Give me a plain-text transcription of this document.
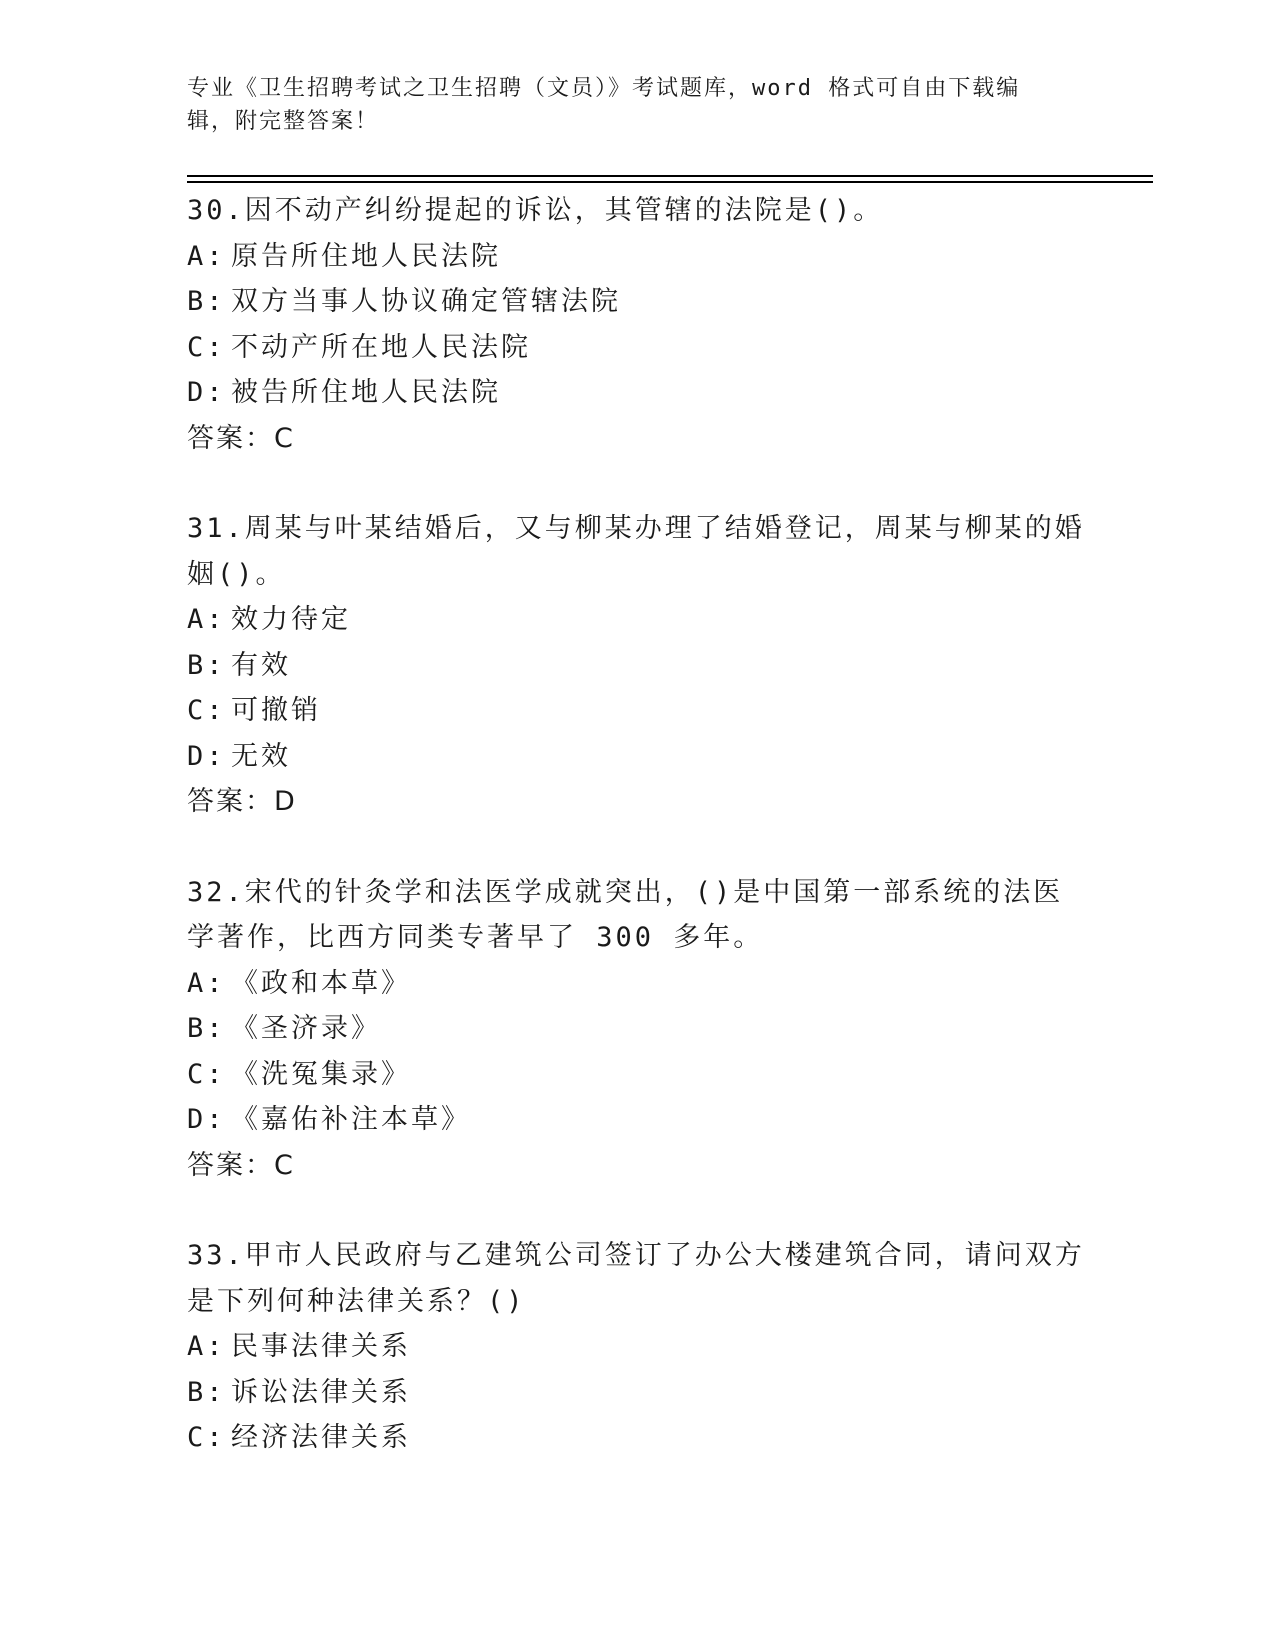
专业《卫生招聘考试之卫生招聘（文员）》考试题库，word 格式可自由下载编辑，附完整答案！

30.因不动产纠纷提起的诉讼，其管辖的法院是()。

A: 原告所住地人民法院

B: 双方当事人协议确定管辖法院

C: 不动产所在地人民法院

D: 被告所住地人民法院

答案：C

31.周某与叶某结婚后，又与柳某办理了结婚登记，周某与柳某的婚姻()。

A: 效力待定

B: 有效

C: 可撤销

D: 无效

答案：D

32.宋代的针灸学和法医学成就突出，()是中国第一部系统的法医学著作，比西方同类专著早了 300 多年。

A: 《政和本草》

B: 《圣济录》

C: 《洗冤集录》

D: 《嘉佑补注本草》

答案：C

33.甲市人民政府与乙建筑公司签订了办公大楼建筑合同，请问双方是下列何种法律关系？()

A: 民事法律关系

B: 诉讼法律关系

C: 经济法律关系
